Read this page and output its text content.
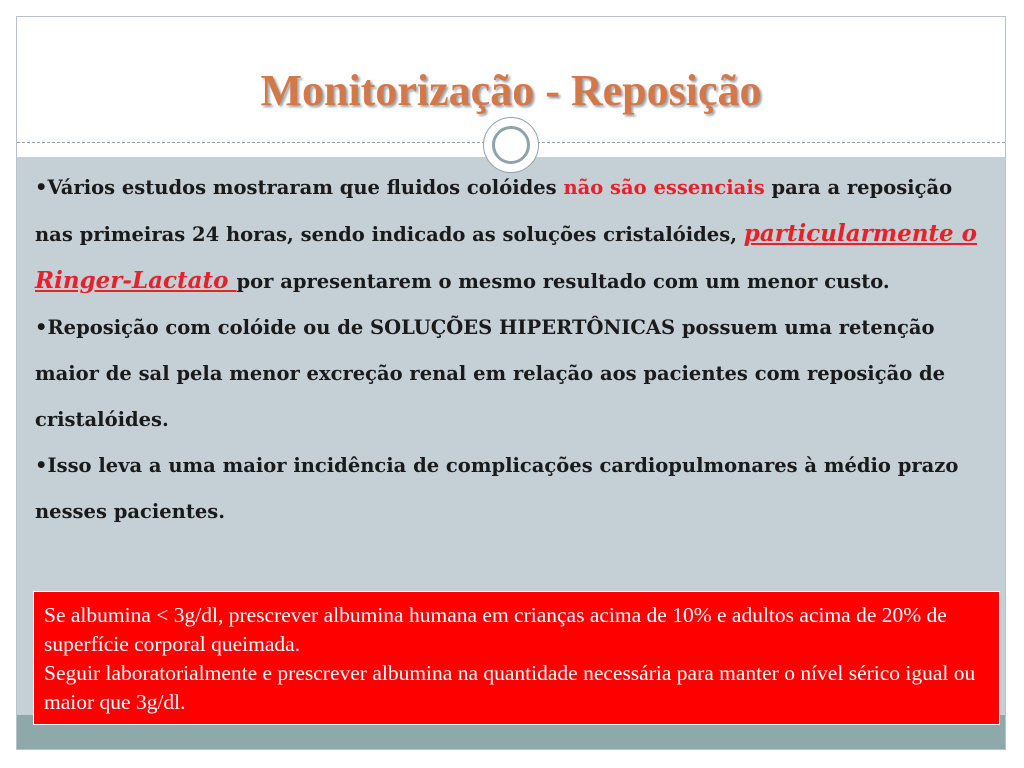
Monitorização - Reposição

•Vários estudos mostraram que fluidos colóides não são essenciais para a reposição nas primeiras 24 horas, sendo indicado as soluções cristalóides, particularmente o Ringer-Lactato por apresentarem o mesmo resultado com um menor custo.

•Reposição com colóide ou de SOLUÇÕES HIPERTÔNICAS possuem uma retenção maior de sal pela menor excreção renal em relação aos pacientes com reposição de cristalóides.

•Isso leva a uma maior incidência de complicações cardiopulmonares à médio prazo nesses pacientes.

Se albumina < 3g/dl, prescrever albumina humana em crianças acima de 10% e adultos acima de 20% de superfície corporal queimada.

Seguir laboratorialmente e prescrever albumina na quantidade necessária para manter o nível sérico igual ou maior que 3g/dl.
